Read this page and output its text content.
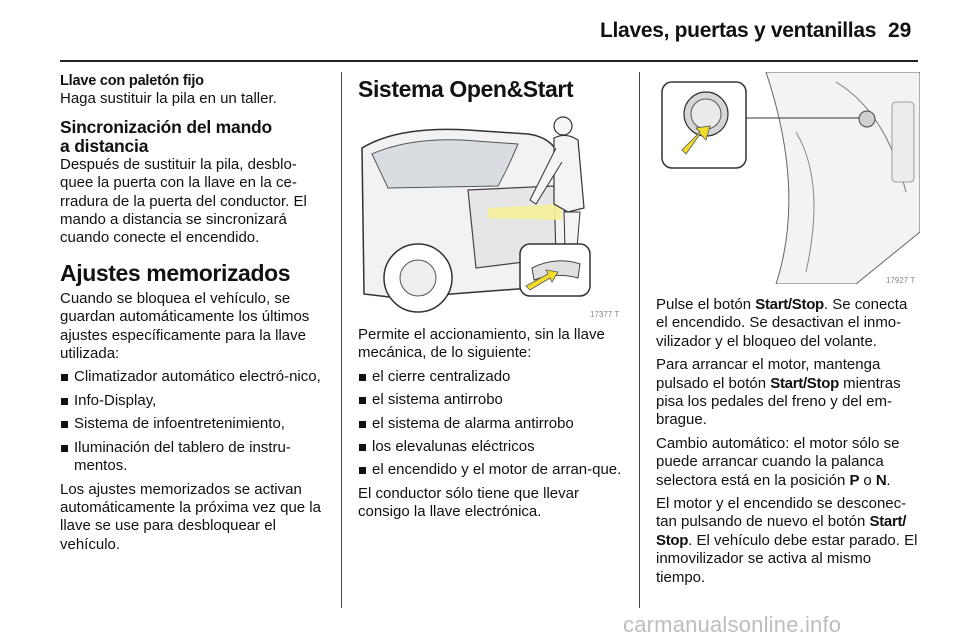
Llaves, puertas y ventanillas 29
Llave con paletón fijo

Haga sustituir la pila en un taller.

Sincronización del mando
a distancia

Después de sustituir la pila, desblo-quee la puerta con la llave en la ce-rradura de la puerta del conductor. El mando a distancia se sincronizará cuando conecte el encendido.

Ajustes memorizados

Cuando se bloquea el vehículo, se guardan automáticamente los últimos ajustes específicamente para la llave utilizada:

Climatizador automático electró-nico,
Info-Display,
Sistema de infoentretenimiento,
Iluminación del tablero de instru-mentos.

Los ajustes memorizados se activan automáticamente la próxima vez que la llave se use para desbloquear el vehículo.

Sistema Open&Start
17377 T

Permite el accionamiento, sin la llave mecánica, de lo siguiente:

el cierre centralizado
el sistema antirrobo
el sistema de alarma antirrobo
los elevalunas eléctricos
el encendido y el motor de arran-que.

El conductor sólo tiene que llevar consigo la llave electrónica.

17927 T

Pulse el botón Start/Stop. Se conecta el encendido. Se desactivan el inmo-vilizador y el bloqueo del volante.

Para arrancar el motor, mantenga pulsado el botón Start/Stop mientras pisa los pedales del freno y del em-brague.

Cambio automático: el motor sólo se puede arrancar cuando la palanca selectora está en la posición P o N.

El motor y el encendido se desconec-tan pulsando de nuevo el botón Start/ Stop. El vehículo debe estar parado. El inmovilizador se activa al mismo tiempo.

carmanualsonline.info
